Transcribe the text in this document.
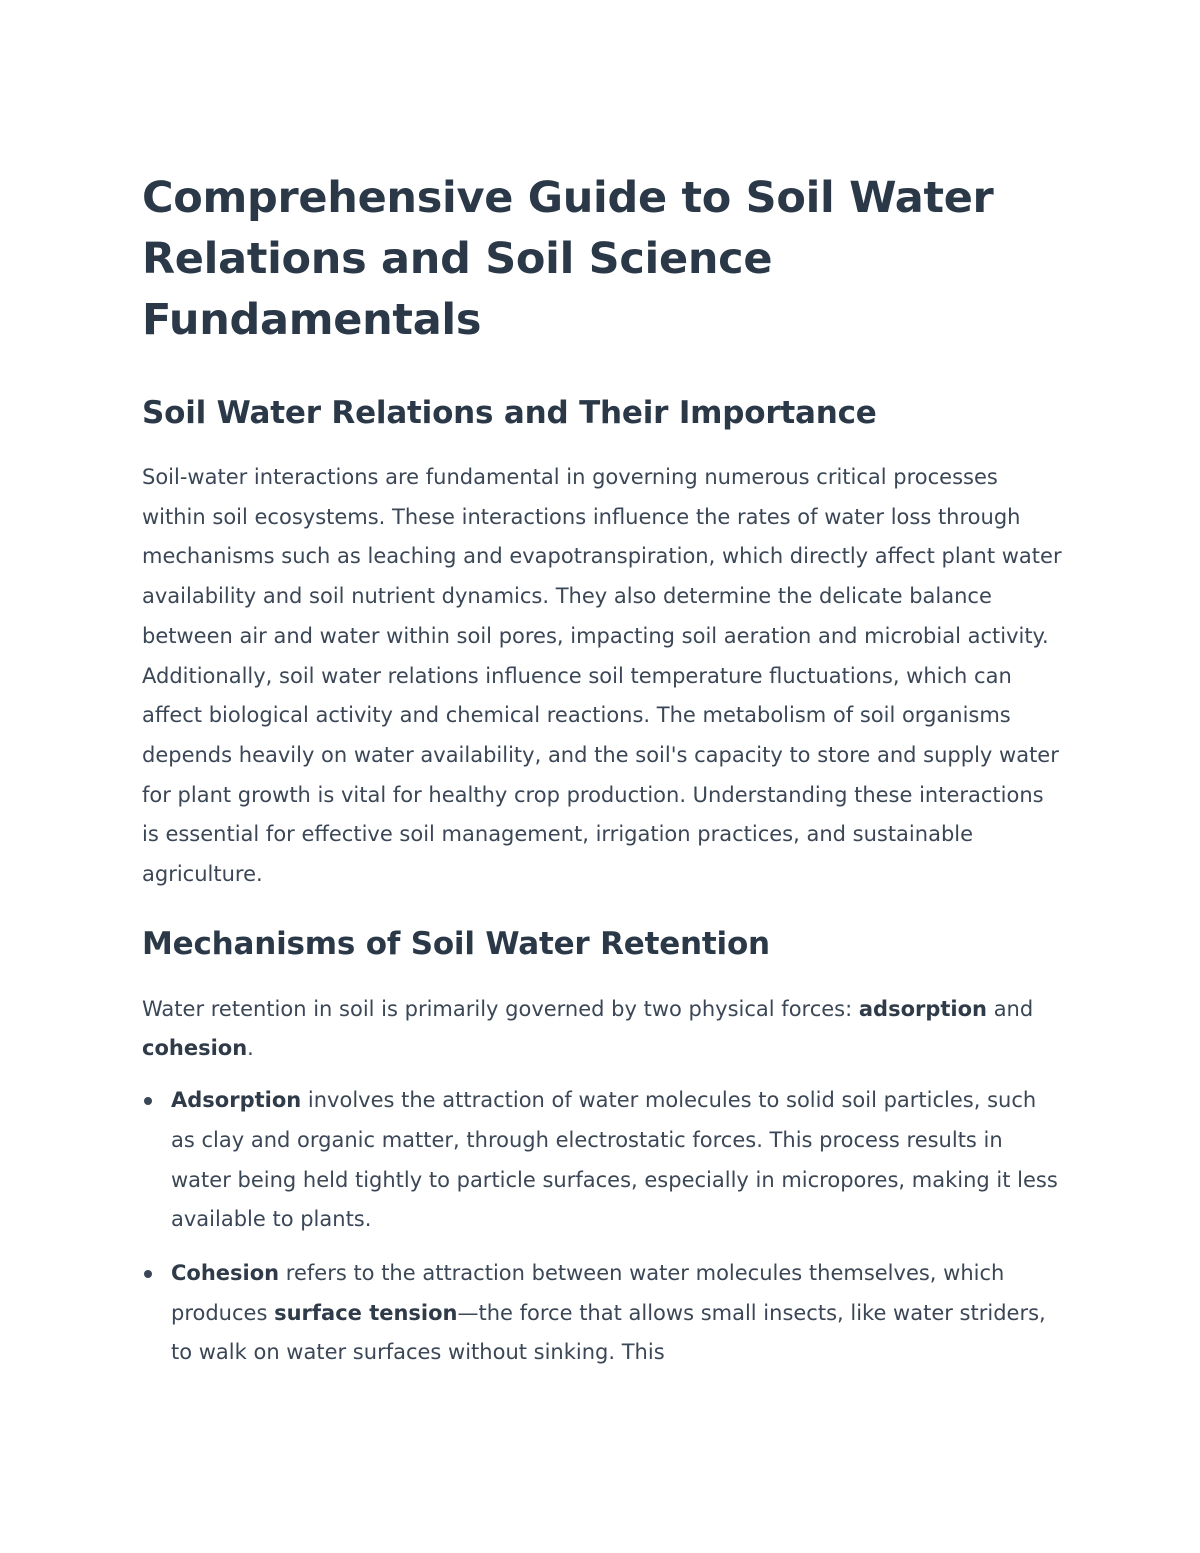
Comprehensive Guide to Soil Water Relations and Soil Science Fundamentals
Soil Water Relations and Their Importance

Soil-water interactions are fundamental in governing numerous critical processes within soil ecosystems. These interactions influence the rates of water loss through mechanisms such as leaching and evapotranspiration, which directly affect plant water availability and soil nutrient dynamics. They also determine the delicate balance between air and water within soil pores, impacting soil aeration and microbial activity. Additionally, soil water relations influence soil temperature fluctuations, which can affect biological activity and chemical reactions. The metabolism of soil organisms depends heavily on water availability, and the soil's capacity to store and supply water for plant growth is vital for healthy crop production. Understanding these interactions is essential for effective soil management, irrigation practices, and sustainable agriculture.

Mechanisms of Soil Water Retention

Water retention in soil is primarily governed by two physical forces: adsorption and cohesion.

Adsorption involves the attraction of water molecules to solid soil particles, such as clay and organic matter, through electrostatic forces. This process results in water being held tightly to particle surfaces, especially in micropores, making it less available to plants.
Cohesion refers to the attraction between water molecules themselves, which produces surface tension—the force that allows small insects, like water striders, to walk on water surfaces without sinking. This
